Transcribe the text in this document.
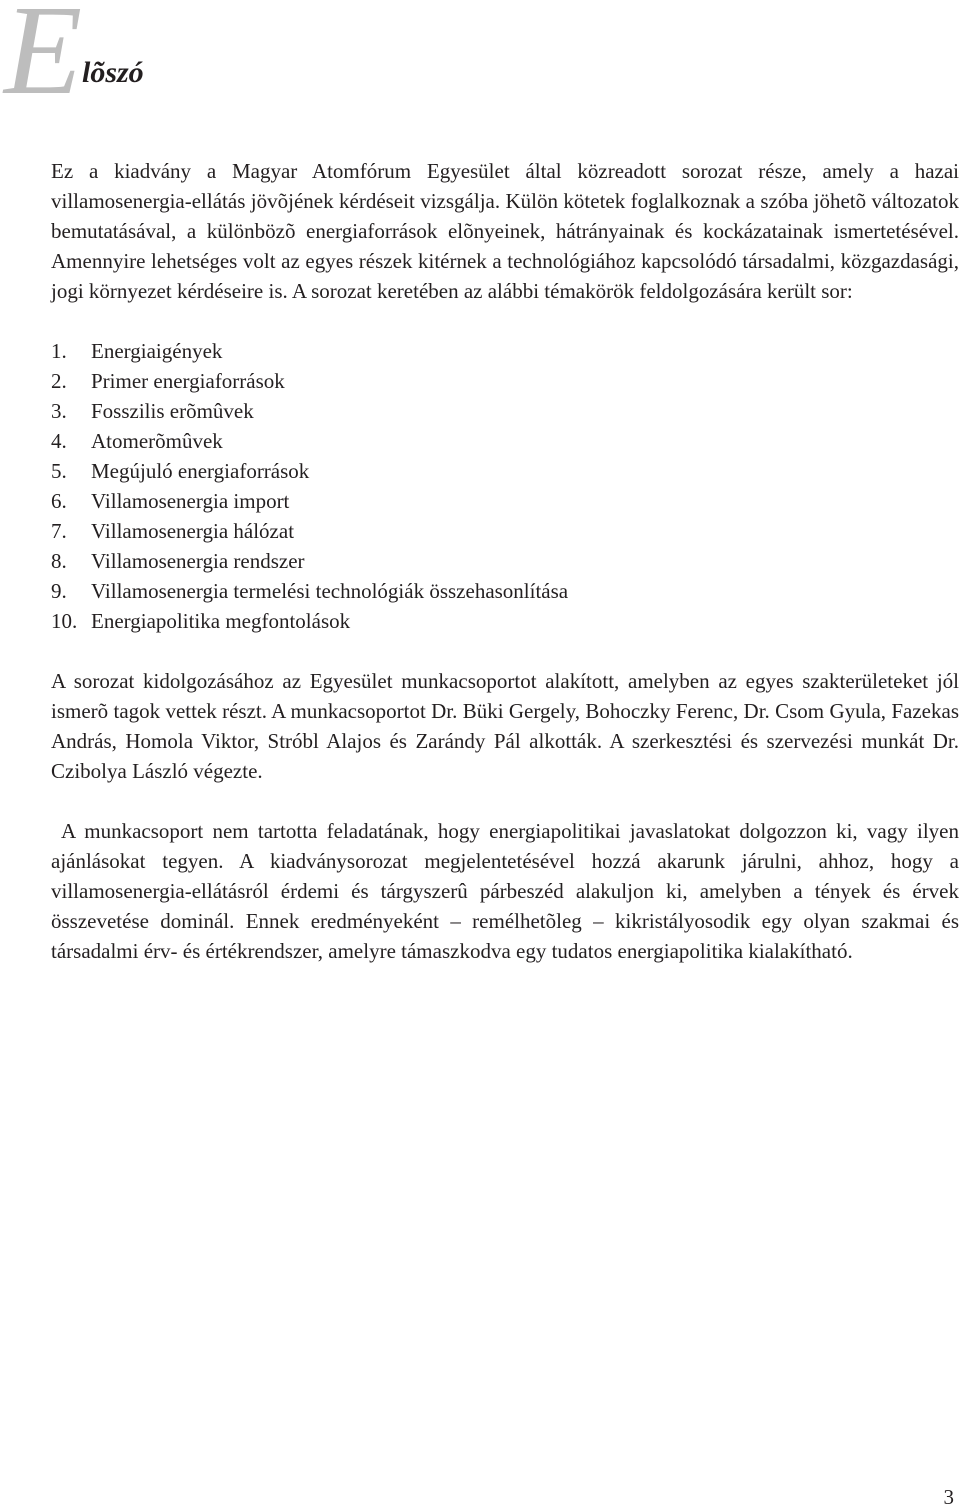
E lõszó

Ez a kiadvány a Magyar Atomfórum Egyesület által közreadott sorozat része, amely a hazai villamosenergia-ellátás jövõjének kérdéseit vizsgálja. Külön kötetek foglalkoznak a szóba jöhetõ változatok bemutatásával, a különbözõ energiaforrások elõnyeinek, hátrányainak és kockázatainak ismertetésével. Amennyire lehetséges volt az egyes részek kitérnek a technológiához kapcsolódó társadalmi, közgazdasági, jogi környezet kérdéseire is. A sorozat keretében az alábbi témakörök feldolgozására került sor:

1.	Energiaigények
2.	Primer energiaforrások
3.	Fosszilis erõmûvek
4.	Atomerõmûvek
5.	Megújuló energiaforrások
6.	Villamosenergia import
7.	Villamosenergia hálózat
8.	Villamosenergia rendszer
9.	Villamosenergia termelési technológiák összehasonlítása
10. Energiapolitika megfontolások

A sorozat kidolgozásához az Egyesület munkacsoportot alakított, amelyben az egyes szakterületeket jól ismerõ tagok vettek részt. A munkacsoportot Dr. Büki Gergely, Bohoczky Ferenc, Dr. Csom Gyula, Fazekas András, Homola Viktor, Stróbl Alajos és Zarándy Pál alkották. A szerkesztési és szervezési munkát Dr. Czibolya László végezte.

A munkacsoport nem tartotta feladatának, hogy energiapolitikai javaslatokat dolgozzon ki, vagy ilyen ajánlásokat tegyen. A kiadványsorozat megjelentetésével hozzá akarunk járulni, ahhoz, hogy a villamosenergia-ellátásról érdemi és tárgyszerû párbeszéd alakuljon ki, amelyben a tények és érvek összevetése dominál. Ennek eredményeként – remélhetõleg – kikristályosodik egy olyan szakmai és társadalmi érv- és értékrendszer, amelyre támaszkodva egy tudatos energiapolitika kialakítható.

3
